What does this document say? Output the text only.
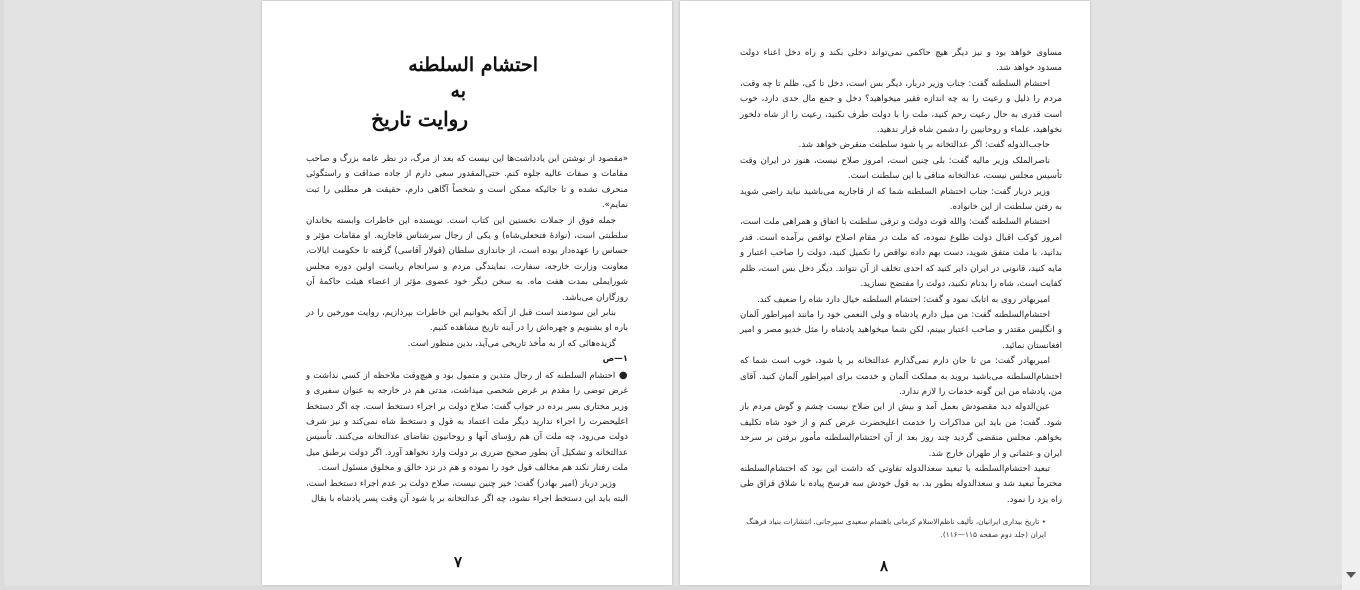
احتشام السلطنه
به
روایت تاریخ

«مقصود از نوشتن این یادداشت‌ها این نیست که بعد از مرگ، در نظر عامه بزرگ و صاحب مقامات و صفات عالیه جلوه کنم. حتی‌المقدور سعی دارم از جاده صداقت و راستگوئی منحرف نشده و تا جائیکه ممکن است و شخصاً آگاهی دارم، حقیقت هر مطلبی را ثبت نمایم».

جمله فوق از جملات نخستین این کتاب است. نویسنده این خاطرات وابسته بخاندان سلطنتی است، (نوادهٔ فتحعلی‌شاه) و یکی از رجال سرشناس قاجاریه. او مقامات مؤثر و حساس را عهده‌دار بوده است، از جانداری سلطان (قولار آقاسی) گرفته تا حکومت ایالات، معاونت وزارت خارجه، سفارت، نمایندگی مردم و سرانجام ریاست اولین دوره مجلس شورایملی بمدت هفت ماه. به سخن دیگر خود عضوی مؤثر از اعضاء هیئت حاکمهٔ آن روزگاران می‌باشد.

بنابر این سودمند است قبل از آنکه بخوانیم این خاطرات بپردازیم، روایت مورخین را در باره او بشنویم و چهره‌اش را در آینه تاریخ مشاهده کنیم.

گزیده‌هائی که از به مأخذ تاریخی می‌آید، بدین منظور است.

۱—ص

● احتشام السلطنه که از رجال متدین و متمول بود و هیچ‌وقت ملاحظه از کسی نداشت و غرض توضی را مقدم بر غرض شخصی میداشت، مدتی هم در خارجه به عنوان سفیری و وزیر مختاری بسر برده در جواب گفت: صلاح دولت بر اجراء دستخط است. چه اگر دستخط اعلیحضرت را اجراء ندارید دیگر ملت اعتماد به قول و دستخط شاه نمی‌کند و نیز شرف دولت می‌رود، چه ملت آن هم رؤسای آنها و روحانیون تقاضای عدالتخانه می‌کنند. تأسیس عدالتخانه و تشکیل آن بطور صحیح ضرری بر دولت وارد نخواهد آورد. اگر دولت برطبق میل ملت رفتار نکند هم مخالف قول خود را نموده و هم در نزد خالق و مخلوق مسئول است.

وزیر دربار (امیر بهادر) گفت: خیر چنین نیست، صلاح دولت بر عدم اجراء دستخط است، البته باید این دستخط اجراء نشود، چه اگر عدالتخانه بر پا شود آن وقت پسر پادشاه با بقال

۷

مساوی خواهد بود و نیز دیگر هیچ حاکمی نمی‌تواند دخلی بکند و راه دخل اعناء دولت مسدود خواهد شد.

احتشام السلطنه گفت: جناب وزیر دربار، دیگر بس است، دخل تا کی، ظلم تا چه وقت، مردم را ذلیل و رعیت را به چه اندازه فقیر میخواهید؟ دخل و جمع مال حدی دارد، خوب است قدری به حال رعیت رحم کنید، ملت را با دولت طرف نکنید، رعیت را از شاه دلخور نخواهید، علماء و روحانیین را دشمن شاه قرار ندهید.

حاجب‌الدوله گفت: اگر عدالتخانه بر پا شود سلطنت منقرض خواهد شد.

ناصرالملک وزیر مالیه گفت: بلی چنین است، امروز صلاح نیست، هنوز در ایران وقت تأسیس مجلس نیست، عدالتخانه منافی با این سلطنت است.

وزیر دربار گفت: جناب احتشام السلطنه شما که از قاجاریه می‌باشید نباید راضی شوید به رفتن سلطنت از این خانواده.

احتشام السلطنه گفت: والله قوت دولت و ترقی سلطنت با اتفاق و همراهی ملت است، امروز کوکب اقبال دولت طلوع نموده، که ملت در مقام اصلاح نواقص برآمده است. قدر بدانید، با ملت متفق شوید، دست بهم داده نواقص را تکمیل کنید، دولت را صاحب اعتبار و مایه کنید، قانونی در ایران دایر کنید که احدی تخلف از آن نتواند. دیگر دخل بس است، ظلم کفایت است، شاه را بدنام نکنید، دولت را مفتضح نسازید.

امیربهادر روی به اتابک نمود و گفت: احتشام السلطنه خیال دارد شاه را ضعیف کند.

احتشام‌السلطنه گفت: من میل دارم پادشاه و ولی النعمی خود را مانند امپراطور آلمان و انگلیس مقتدر و صاحب اعتبار ببینم، لکن شما میخواهید پادشاه را مثل خدیو مصر و امیر افغانستان نمائید.

امیربهادر گفت: من تا جان دارم نمی‌گذارم عدالتخانه بر پا شود، خوب است شما که احتشام‌السلطنه می‌باشید بروید به مملکت آلمان و خدمت برای امپراطور آلمان کنید. آقای من، پادشاه من این گونه خدمات را لازم ندارد.

عین‌الدوله دید مقصودش بعمل آمد و بیش از این صلاح نیست چشم و گوش مردم باز شود. گفت: من باید این مذاکرات را خدمت اعلیحضرت عرض کنم و از خود شاه تکلیف بخواهم. مجلس منقضی گردید چند روز بعد از آن احتشام‌السلطنه مأمور برفتن بر سرحد ایران و عثمانی و از طهران خارج شد.

تبعید احتشام‌السلطنه با تبعید سعدالدوله تفاوتی که داشت این بود که احتشام‌السلطنه محترماً تبعید شد و سعدالدوله بطور بد. به قول خودش سه فرسخ پیاده با شلاق قزاق طی راه یزد را نمود.

• تاریخ بیداری ایرانیان، تألیف ناظم‌الاسلام کرمانی باهتمام سعیدی سیرجانی. انتشارات بنیاد فرهنگ ایران (جلد دوم صفحه ۱۱۵—۱۱۶).
۸
